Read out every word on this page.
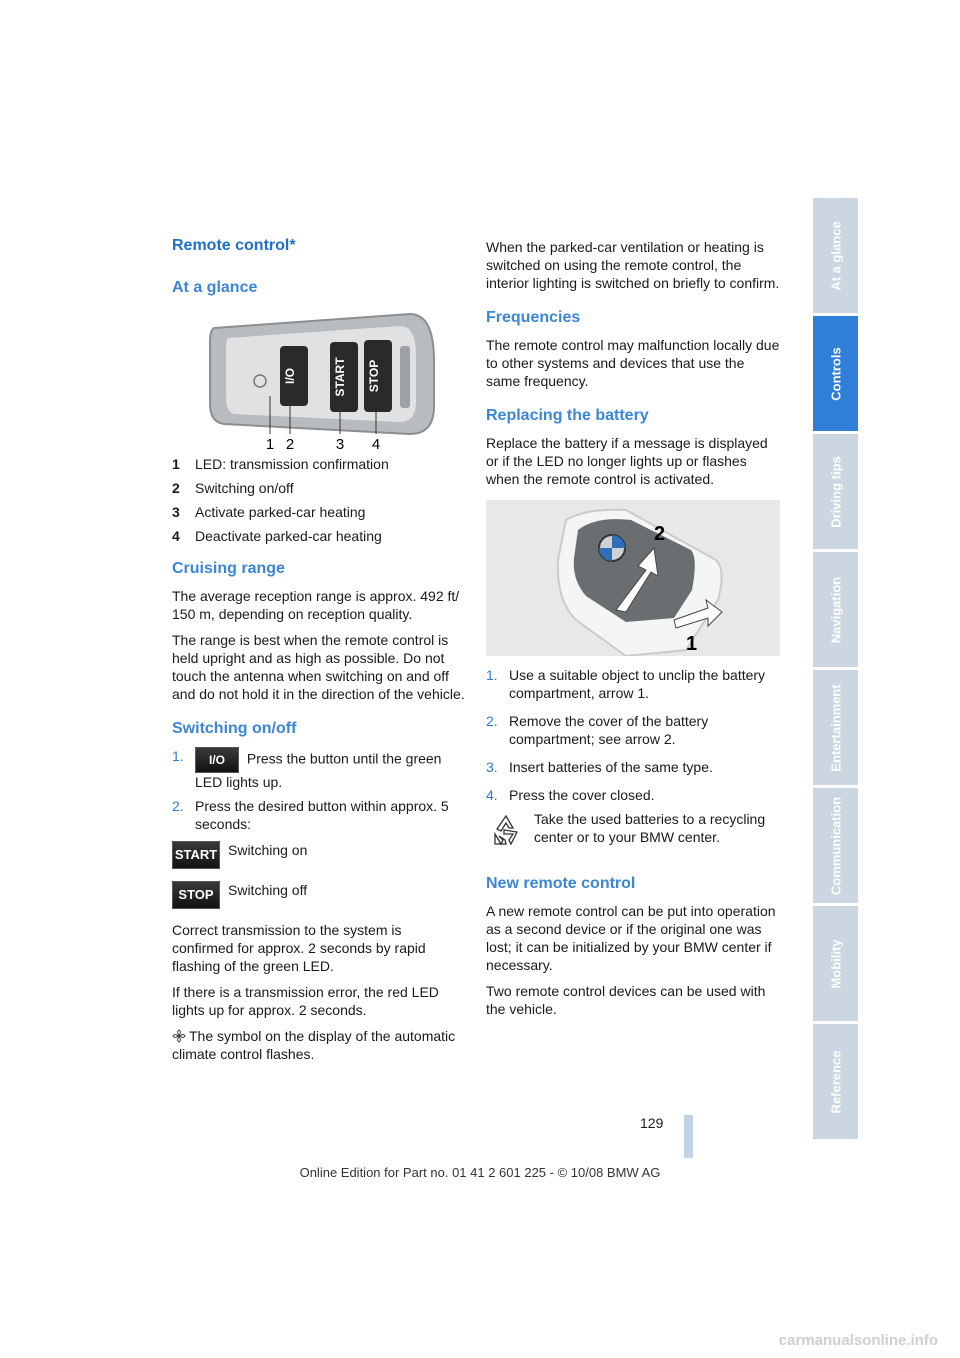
Remote control*
At a glance
I/O	START STOP
1 2	3 4
1	LED: transmission confirmation
2	Switching on/off
3	Activate parked-car heating
4	Deactivate parked-car heating
Cruising range

The average reception range is approx. 492 ft/ 150 m, depending on reception quality.

The range is best when the remote control is held upright and as high as possible. Do not touch the antenna when switching on and off and do not hold it in the direction of the vehicle.

Switching on/off
1.	I/O Press the button until the green LED lights up.
2. Press the desired button within approx. 5 seconds:
START Switching on
STOP	Switching off

Correct transmission to the system is confirmed for approx. 2 seconds by rapid flashing of the green LED.

If there is a transmission error, the red LED lights up for approx. 2 seconds.

The symbol on the display of the automatic climate control flashes.

When the parked-car ventilation or heating is switched on using the remote control, the interior lighting is switched on briefly to confirm.

Frequencies

The remote control may malfunction locally due to other systems and devices that use the same frequency.

Replacing the battery

Replace the battery if a message is displayed or if the LED no longer lights up or flashes when the remote control is activated.

2
1
1. Use a suitable object to unclip the battery compartment, arrow 1.
2. Remove the cover of the battery compartment; see arrow 2.
3. Insert batteries of the same type.
4. Press the cover closed.
Take the used batteries to a recycling center or to your BMW center.
New remote control

A new remote control can be put into operation as a second device or if the original one was lost; it can be initialized by your BMW center if necessary.

Two remote control devices can be used with the vehicle.

At a glance
Controls
Driving tips
Navigation
Entertainment
Communication
Mobility
Reference
129
Online Edition for Part no. 01 41 2 601 225 - © 10/08 BMW AG
carmanualsonline.info
